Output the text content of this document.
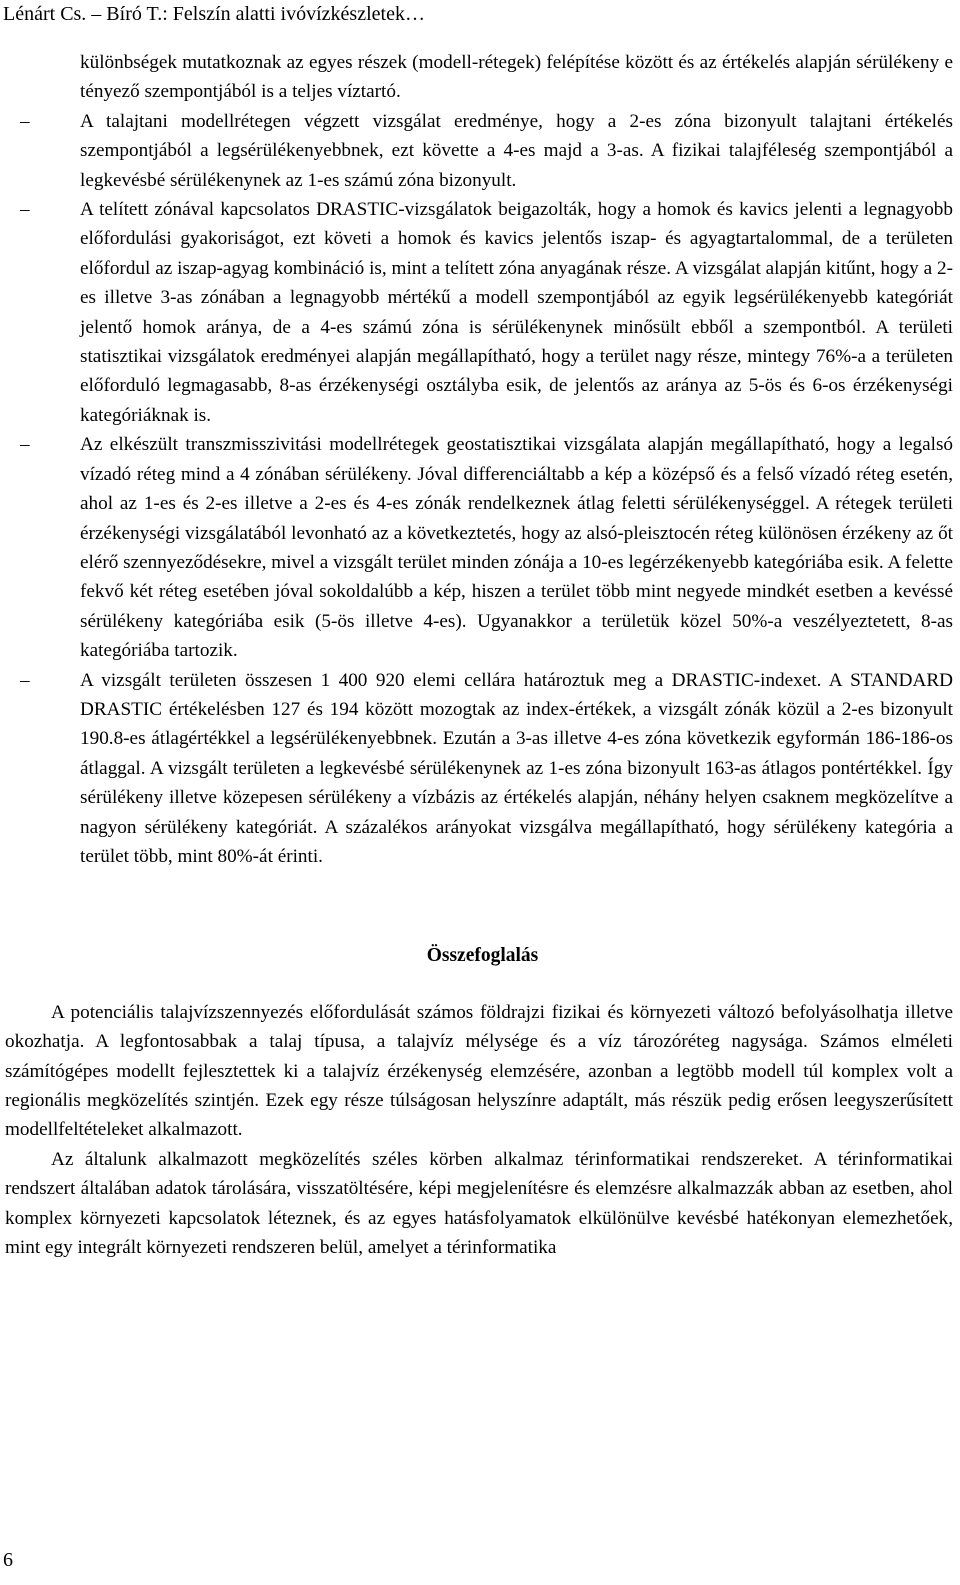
Lénárt Cs. – Bíró T.: Felszín alatti ivóvízkészletek…

különbségek mutatkoznak az egyes részek (modell-rétegek) felépítése között és az értékelés alapján sérülékeny e tényező szempontjából is a teljes víztartó.

–	A talajtani modellrétegen végzett vizsgálat eredménye, hogy a 2-es zóna bizonyult talajtani értékelés szempontjából a legsérülékenyebbnek, ezt követte a 4-es majd a 3-as. A fizikai talajféleség szempontjából a legkevésbé sérülékenynek az 1-es számú zóna bizonyult.
–	A telített zónával kapcsolatos DRASTIC-vizsgálatok beigazolták, hogy a homok és kavics jelenti a legnagyobb előfordulási gyakoriságot, ezt követi a homok és kavics jelentős iszap- és agyagtartalommal, de a területen előfordul az iszap-agyag kombináció is, mint a telített zóna anyagának része. A vizsgálat alapján kitűnt, hogy a 2-es illetve 3-as zónában a legnagyobb mértékű a modell szempontjából az egyik legsérülékenyebb kategóriát jelentő homok aránya, de a 4-es számú zóna is sérülékenynek minősült ebből a szempontból. A területi statisztikai vizsgálatok eredményei alapján megállapítható, hogy a terület nagy része, mintegy 76%-a a területen előforduló legmagasabb, 8-as érzékenységi osztályba esik, de jelentős az aránya az 5-ös és 6-os érzékenységi kategóriáknak is.
–	Az elkészült transzmisszivitási modellrétegek geostatisztikai vizsgálata alapján megállapítható, hogy a legalsó vízadó réteg mind a 4 zónában sérülékeny. Jóval differenciáltabb a kép a középső és a felső vízadó réteg esetén, ahol az 1-es és 2-es illetve a 2-es és 4-es zónák rendelkeznek átlag feletti sérülékenységgel. A rétegek területi érzékenységi vizsgálatából levonható az a következtetés, hogy az alsó-pleisztocén réteg különösen érzékeny az őt elérő szennyeződésekre, mivel a vizsgált terület minden zónája a 10-es legérzékenyebb kategóriába esik. A felette fekvő két réteg esetében jóval sokoldalúbb a kép, hiszen a terület több mint negyede mindkét esetben a kevéssé sérülékeny kategóriába esik (5-ös illetve 4-es). Ugyanakkor a területük közel 50%-a veszélyeztetett, 8-as kategóriába tartozik.
–	A vizsgált területen összesen 1 400 920 elemi cellára határoztuk meg a DRASTIC-indexet. A STANDARD DRASTIC értékelésben 127 és 194 között mozogtak az index-értékek, a vizsgált zónák közül a 2-es bizonyult 190.8-es átlagértékkel a legsérülékenyebbnek. Ezután a 3-as illetve 4-es zóna következik egyformán 186-186-os átlaggal. A vizsgált területen a legkevésbé sérülékenynek az 1-es zóna bizonyult 163-as átlagos pontértékkel. Így sérülékeny illetve közepesen sérülékeny a vízbázis az értékelés alapján, néhány helyen csaknem megközelítve a nagyon sérülékeny kategóriát. A százalékos arányokat vizsgálva megállapítható, hogy sérülékeny kategória a terület több, mint 80%-át érinti.
Összefoglalás

A potenciális talajvízszennyezés előfordulását számos földrajzi fizikai és környezeti változó befolyásolhatja illetve okozhatja. A legfontosabbak a talaj típusa, a talajvíz mélysége és a víz tározóréteg nagysága. Számos elméleti számítógépes modellt fejlesztettek ki a talajvíz érzékenység elemzésére, azonban a legtöbb modell túl komplex volt a regionális megközelítés szintjén. Ezek egy része túlságosan helyszínre adaptált, más részük pedig erősen leegyszerűsített modellfeltételeket alkalmazott.

Az általunk alkalmazott megközelítés széles körben alkalmaz térinformatikai rendszereket. A térinformatikai rendszert általában adatok tárolására, visszatöltésére, képi megjelenítésre és elemzésre alkalmazzák abban az esetben, ahol komplex környezeti kapcsolatok léteznek, és az egyes hatásfolyamatok elkülönülve kevésbé hatékonyan elemezhetőek, mint egy integrált környezeti rendszeren belül, amelyet a térinformatika

6
